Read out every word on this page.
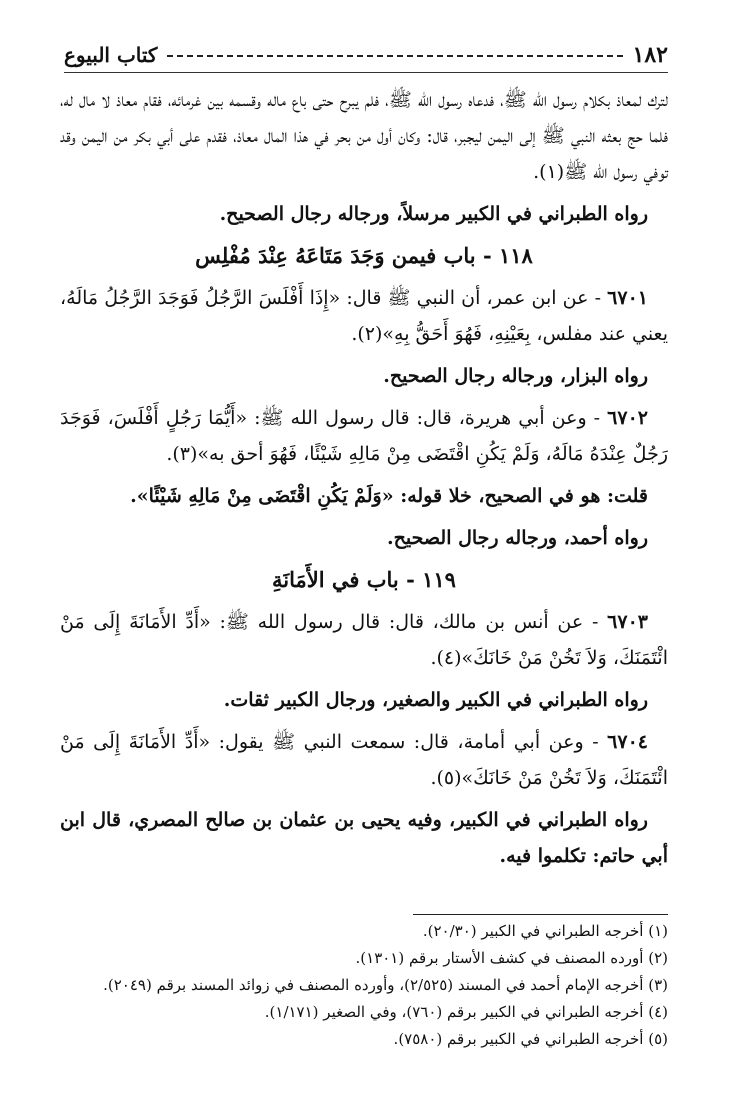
١٨٢
كتاب البيوع

لترك لمعاذ بكلام رسول الله ﷺ، فدعاه رسول الله ﷺ، فلم يبرح حتى باع ماله وقسمه بين غرمائه، فقام معاذ لا مال له، فلما حج بعثه النبي ﷺ إلى اليمن ليجبر، قال: وكان أول من بحر في هذا المال معاذ، فقدم على أبي بكر من اليمن وقد توفي رسول الله ﷺ(١).

رواه الطبراني في الكبير مرسلاً، ورجاله رجال الصحيح.

١١٨ - باب فيمن وَجَدَ مَتَاعَهُ عِنْدَ مُفْلِس

٦٧٠١ - عن ابن عمر، أن النبي ﷺ قال: «إِذَا أَفْلَسَ الرَّجُلُ فَوَجَدَ الرَّجُلُ مَالَهُ، يعني عند مفلس، بِعَيْنِهِ، فَهُوَ أَحَقُّ بِهِ»(٢).

رواه البزار، ورجاله رجال الصحيح.

٦٧٠٢ - وعن أبي هريرة، قال: قال رسول الله ﷺ: «أَيُّمَا رَجُلٍ أَفْلَسَ، فَوَجَدَ رَجُلٌ عِنْدَهُ مَالَهُ، وَلَمْ يَكُنِ اقْتَضَى مِنْ مَالِهِ شَيْئًا، فَهُوَ أحق به»(٣).

قلت: هو في الصحيح، خلا قوله: «وَلَمْ يَكُنِ اقْتَضَى مِنْ مَالِهِ شَيْئًا».

رواه أحمد، ورجاله رجال الصحيح.

١١٩ - باب في الأَمَانَةِ

٦٧٠٣ - عن أنس بن مالك، قال: قال رسول الله ﷺ: «أَدِّ الأَمَانَةَ إِلَى مَنْ ائْتَمَنَكَ، وَلاَ تَخُنْ مَنْ خَانَكَ»(٤).

رواه الطبراني في الكبير والصغير، ورجال الكبير ثقات.

٦٧٠٤ - وعن أبي أمامة، قال: سمعت النبي ﷺ يقول: «أَدِّ الأَمَانَةَ إِلَى مَنْ ائْتَمَنَكَ، وَلاَ تَخُنْ مَنْ خَانَكَ»(٥).

رواه الطبراني في الكبير، وفيه يحيى بن عثمان بن صالح المصري، قال ابن أبي حاتم: تكلموا فيه.

(١) أخرجه الطبراني في الكبير (٢٠/٣٠).
(٢) أورده المصنف في كشف الأستار برقم (١٣٠١).
(٣) أخرجه الإمام أحمد في المسند (٢/٥٢٥)، وأورده المصنف في زوائد المسند برقم (٢٠٤٩).
(٤) أخرجه الطبراني في الكبير برقم (٧٦٠)، وفي الصغير (١/١٧١).
(٥) أخرجه الطبراني في الكبير برقم (٧٥٨٠).
